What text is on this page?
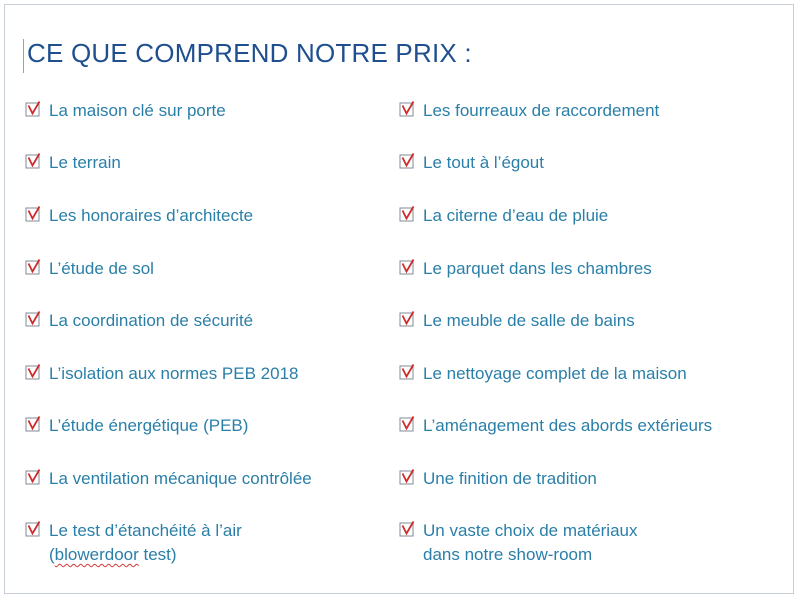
CE QUE COMPREND NOTRE PRIX :
La maison clé sur porte
Le terrain
Les honoraires d’architecte
L’étude de sol
La coordination de sécurité
L’isolation aux normes PEB 2018
L’étude énergétique (PEB)
La ventilation mécanique contrôlée
Le test d’étanchéité à l’air
(blowerdoor test)
Les fourreaux de raccordement
Le tout à l’égout
La citerne d’eau de pluie
Le parquet dans les chambres
Le meuble de salle de bains
Le nettoyage complet de la maison
L’aménagement des abords extérieurs
Une finition de tradition
Un vaste choix de matériaux
dans notre show-room
